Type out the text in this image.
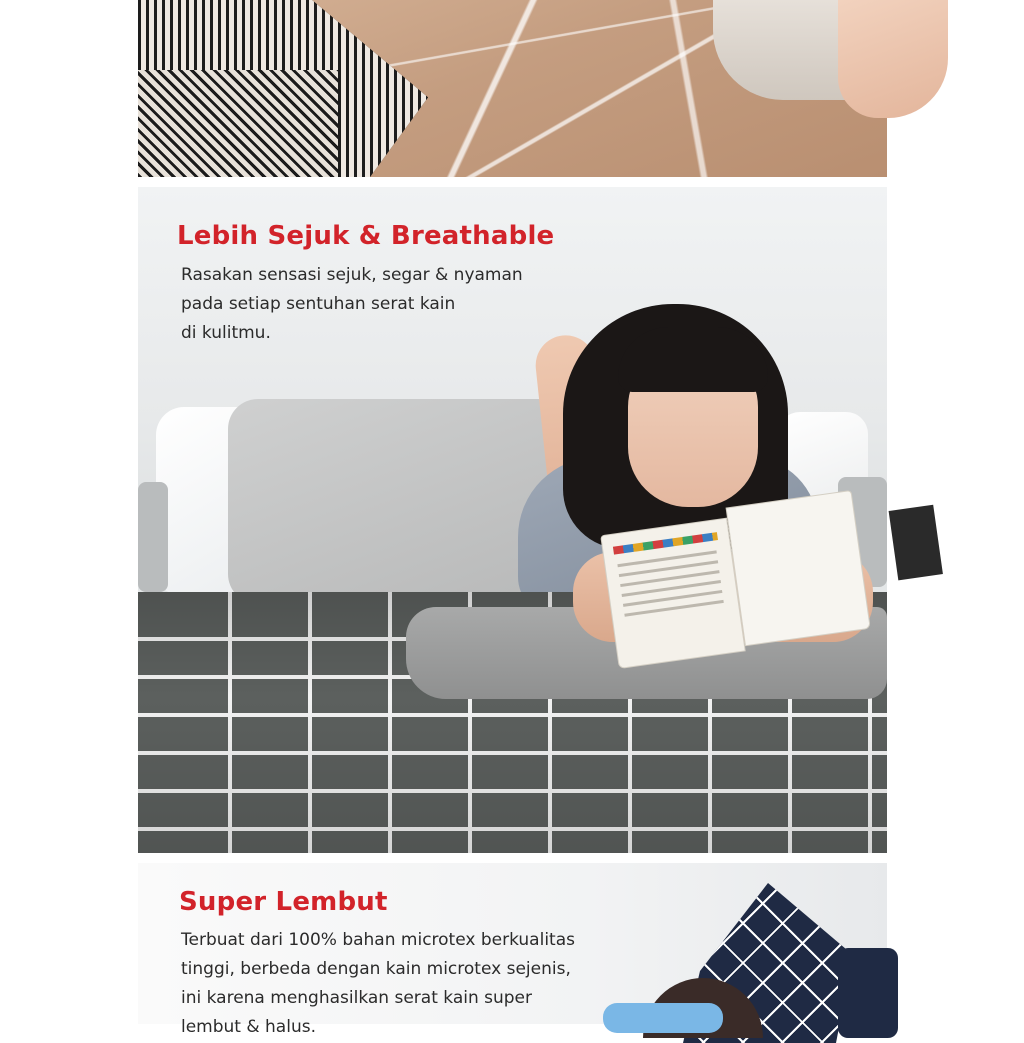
Lebih Sejuk & Breathable
Rasakan sensasi sejuk, segar & nyaman
pada setiap sentuhan serat kain
di kulitmu.
Super Lembut
Terbuat dari 100% bahan microtex berkualitas
tinggi, berbeda dengan kain microtex sejenis,
ini karena menghasilkan serat kain super
lembut & halus.
